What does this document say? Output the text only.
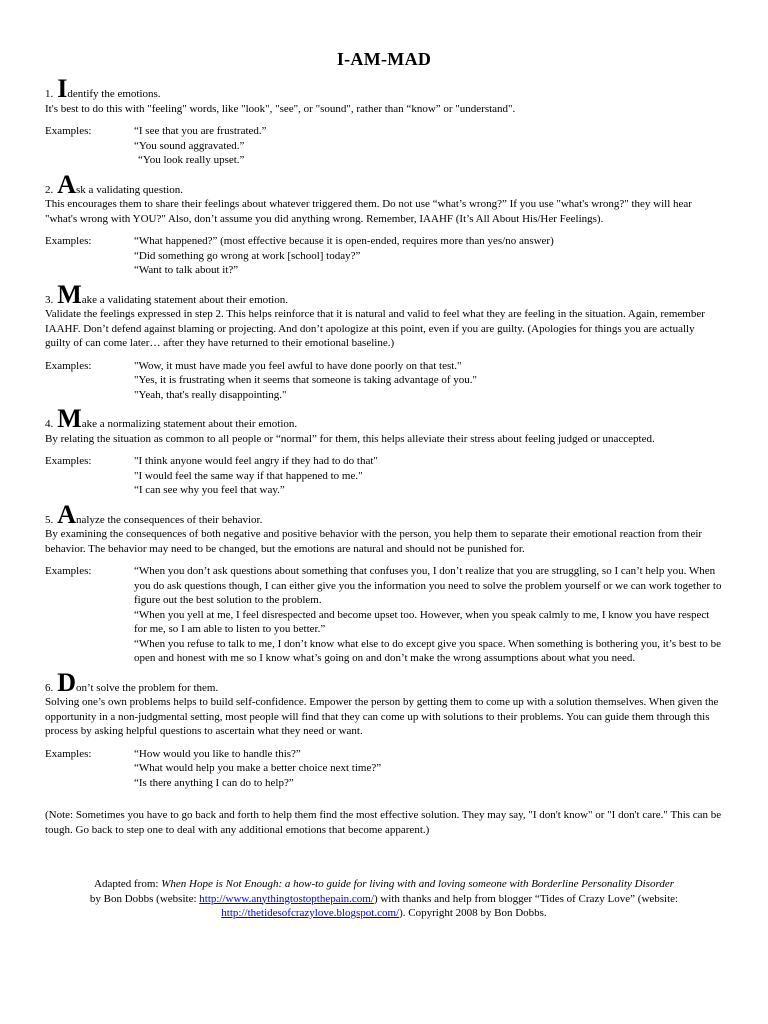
I-AM-MAD
1. I dentify the emotions.
It's best to do this with "feeling" words, like "look", "see", or "sound", rather than “know” or "understand".
Examples:	“I see that you are frustrated.”
“You sound aggravated.”
“You look really upset.”
2. A sk a validating question.
This encourages them to share their feelings about whatever triggered them. Do not use “what’s wrong?” If you use "what's wrong?" they will hear "what's wrong with YOU?" Also, don’t assume you did anything wrong. Remember, IAAHF (It’s All About His/Her Feelings).
Examples:	“What happened?” (most effective because it is open-ended, requires more than yes/no answer)
“Did something go wrong at work [school] today?”
“Want to talk about it?”
3. M ake a validating statement about their emotion.
Validate the feelings expressed in step 2. This helps reinforce that it is natural and valid to feel what they are feeling in the situation. Again, remember IAAHF. Don’t defend against blaming or projecting. And don’t apologize at this point, even if you are guilty. (Apologies for things you are actually guilty of can come later… after they have returned to their emotional baseline.)
Examples:	"Wow, it must have made you feel awful to have done poorly on that test."
"Yes, it is frustrating when it seems that someone is taking advantage of you."
"Yeah, that's really disappointing."
4. M ake a normalizing statement about their emotion.
By relating the situation as common to all people or “normal” for them, this helps alleviate their stress about feeling judged or unaccepted.
Examples:	"I think anyone would feel angry if they had to do that"
"I would feel the same way if that happened to me."
“I can see why you feel that way.”
5. A nalyze the consequences of their behavior.
By examining the consequences of both negative and positive behavior with the person, you help them to separate their emotional reaction from their behavior. The behavior may need to be changed, but the emotions are natural and should not be punished for.
Examples:	“When you don’t ask questions about something that confuses you, I don’t realize that you are struggling, so I can’t help you. When you do ask questions though, I can either give you the information you need to solve the problem yourself or we can work together to figure out the best solution to the problem.
“When you yell at me, I feel disrespected and become upset too. However, when you speak calmly to me, I know you have respect for me, so I am able to listen to you better.”
“When you refuse to talk to me, I don’t know what else to do except give you space. When something is bothering you, it’s best to be open and honest with me so I know what’s going on and don’t make the wrong assumptions about what you need.
6. D on’t solve the problem for them.
Solving one’s own problems helps to build self-confidence. Empower the person by getting them to come up with a solution themselves. When given the opportunity in a non-judgmental setting, most people will find that they can come up with solutions to their problems. You can guide them through this process by asking helpful questions to ascertain what they need or want.
Examples:	“How would you like to handle this?”
“What would help you make a better choice next time?”
“Is there anything I can do to help?”
(Note: Sometimes you have to go back and forth to help them find the most effective solution. They may say, "I don't know" or "I don't care." This can be tough. Go back to step one to deal with any additional emotions that become apparent.)
Adapted from: When Hope is Not Enough: a how-to guide for living with and loving someone with Borderline Personality Disorder
by Bon Dobbs (website: http://www.anythingtostopthepain.com/) with thanks and help from blogger “Tides of Crazy Love” (website:
http://thetidesofcrazylove.blogspot.com/). Copyright 2008 by Bon Dobbs.
